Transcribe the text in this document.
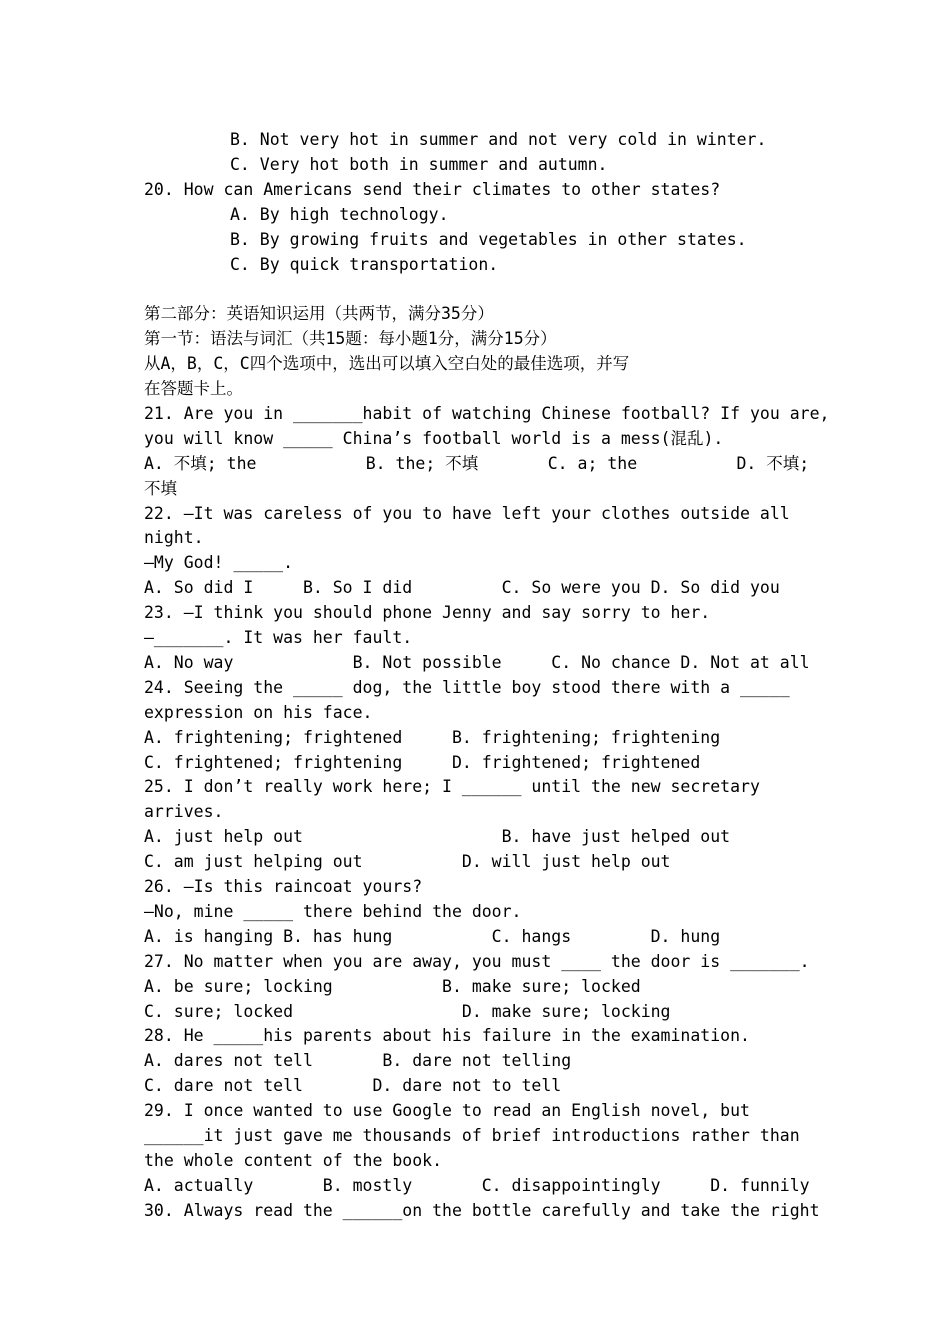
B. Not very hot in summer and not very cold in winter.
C. Very hot both in summer and autumn.
20. How can Americans send their climates to other states?
A. By high technology.
B. By growing fruits and vegetables in other states.
C. By quick transportation.
第二部分：英语知识运用（共两节，满分35分）
第一节：语法与词汇（共15题：每小题1分，满分15分）
从A，B，C，C四个选项中，选出可以填入空白处的最佳选项，并写
在答题卡上。
21. Are you in _______habit of watching Chinese football? If you are,
you will know _____ China’s football world is a mess(混乱).
A. 不填; the           B. the; 不填       C. a; the          D. 不填;
不填
22. —It was careless of you to have left your clothes outside all
night.
—My God! _____.
A. So did I     B. So I did         C. So were you D. So did you
23. —I think you should phone Jenny and say sorry to her.
—_______. It was her fault.
A. No way            B. Not possible     C. No chance D. Not at all
24. Seeing the _____ dog, the little boy stood there with a _____
expression on his face.
A. frightening; frightened     B. frightening; frightening
C. frightened; frightening     D. frightened; frightened
25. I don’t really work here; I ______ until the new secretary
arrives.
A. just help out                    B. have just helped out
C. am just helping out          D. will just help out
26. —Is this raincoat yours?
—No, mine _____ there behind the door.
A. is hanging B. has hung          C. hangs        D. hung
27. No matter when you are away, you must ____ the door is _______.
A. be sure; locking           B. make sure; locked
C. sure; locked                 D. make sure; locking
28. He _____his parents about his failure in the examination.
A. dares not tell       B. dare not telling
C. dare not tell       D. dare not to tell
29. I once wanted to use Google to read an English novel, but
______it just gave me thousands of brief introductions rather than
the whole content of the book.
A. actually       B. mostly       C. disappointingly     D. funnily
30. Always read the ______on the bottle carefully and take the right
